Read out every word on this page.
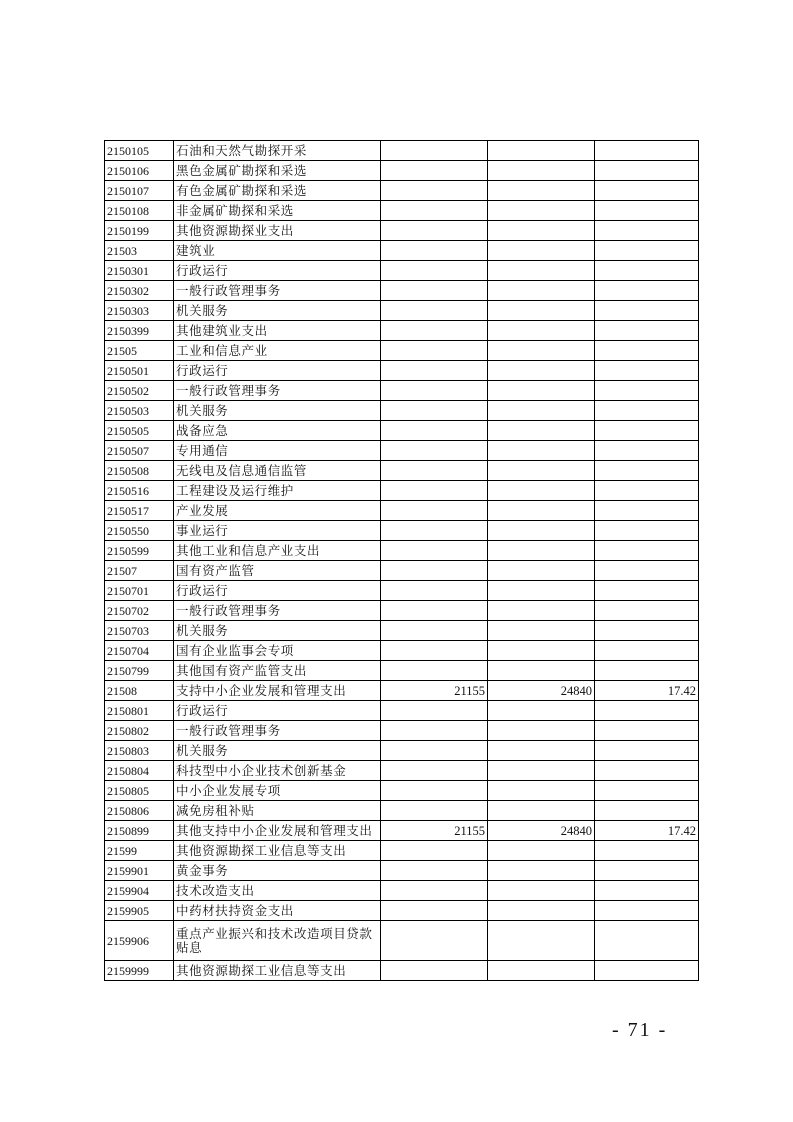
2150105	石油和天然气勘探开采			
2150106	黑色金属矿勘探和采选			
2150107	有色金属矿勘探和采选			
2150108	非金属矿勘探和采选			
2150199	其他资源勘探业支出			
21503	建筑业			
2150301	行政运行			
2150302	一般行政管理事务			
2150303	机关服务			
2150399	其他建筑业支出			
21505	工业和信息产业			
2150501	行政运行			
2150502	一般行政管理事务			
2150503	机关服务			
2150505	战备应急			
2150507	专用通信			
2150508	无线电及信息通信监管			
2150516	工程建设及运行维护			
2150517	产业发展			
2150550	事业运行			
2150599	其他工业和信息产业支出			
21507	国有资产监管			
2150701	行政运行			
2150702	一般行政管理事务			
2150703	机关服务			
2150704	国有企业监事会专项			
2150799	其他国有资产监管支出			
21508	支持中小企业发展和管理支出	21155	24840	17.42
2150801	行政运行			
2150802	一般行政管理事务			
2150803	机关服务			
2150804	科技型中小企业技术创新基金			
2150805	中小企业发展专项			
2150806	减免房租补贴			
2150899	其他支持中小企业发展和管理支出	21155	24840	17.42
21599	其他资源勘探工业信息等支出			
2159901	黄金事务			
2159904	技术改造支出			
2159905	中药材扶持资金支出			
2159906	重点产业振兴和技术改造项目贷款贴息			
2159999	其他资源勘探工业信息等支出			
- 71 -
